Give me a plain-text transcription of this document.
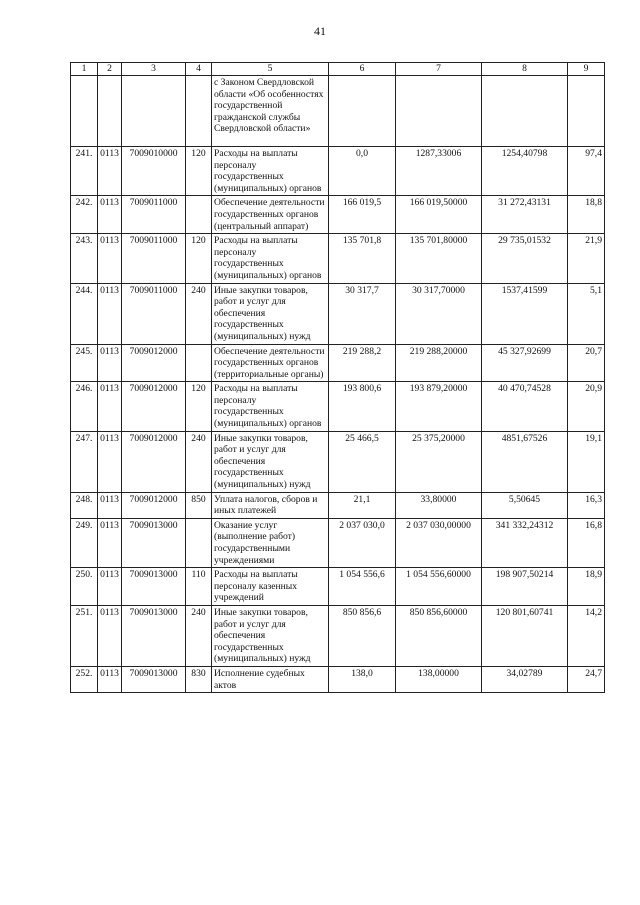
41
1	2	3	4	5	6	7	8	9
				с Законом Свердловской области «Об особенностях государственной гражданской службы Свердловской области»				
241.	0113	7009010000	120	Расходы на выплаты персоналу государственных (муниципальных) органов	0,0	1287,33006	1254,40798	97,4
242.	0113	7009011000		Обеспечение деятельности государственных органов (центральный аппарат)	166 019,5	166 019,50000	31 272,43131	18,8
243.	0113	7009011000	120	Расходы на выплаты персоналу государственных (муниципальных) органов	135 701,8	135 701,80000	29 735,01532	21,9
244.	0113	7009011000	240	Иные закупки товаров, работ и услуг для обеспечения государственных (муниципальных) нужд	30 317,7	30 317,70000	1537,41599	5,1
245.	0113	7009012000		Обеспечение деятельности государственных органов (территориальные органы)	219 288,2	219 288,20000	45 327,92699	20,7
246.	0113	7009012000	120	Расходы на выплаты персоналу государственных (муниципальных) органов	193 800,6	193 879,20000	40 470,74528	20,9
247.	0113	7009012000	240	Иные закупки товаров, работ и услуг для обеспечения государственных (муниципальных) нужд	25 466,5	25 375,20000	4851,67526	19,1
248.	0113	7009012000	850	Уплата налогов, сборов и иных платежей	21,1	33,80000	5,50645	16,3
249.	0113	7009013000		Оказание услуг (выполнение работ) государственными учреждениями	2 037 030,0	2 037 030,00000	341 332,24312	16,8
250.	0113	7009013000	110	Расходы на выплаты персоналу казенных учреждений	1 054 556,6	1 054 556,60000	198 907,50214	18,9
251.	0113	7009013000	240	Иные закупки товаров, работ и услуг для обеспечения государственных (муниципальных) нужд	850 856,6	850 856,60000	120 801,60741	14,2
252.	0113	7009013000	830	Исполнение судебных актов	138,0	138,00000	34,02789	24,7
